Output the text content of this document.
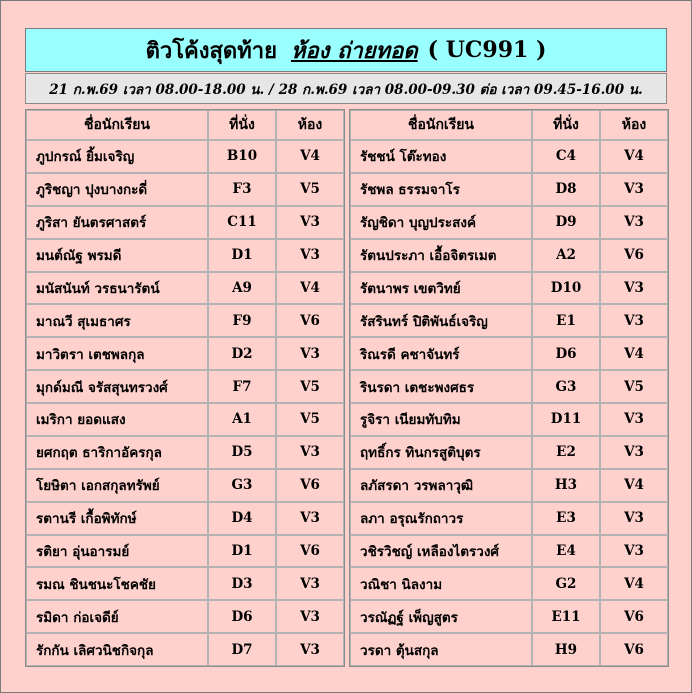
ติวโค้งสุดท้าย ห้อง ถ่ายทอด ( UC991 )
21 ก.พ.69 เวลา 08.00-18.00 น. / 28 ก.พ.69 เวลา 08.00-09.30 ต่อ เวลา 09.45-16.00 น.
ชื่อนักเรียน	ที่นั่ง	ห้อง
ภูปกรณ์ ยิ้มเจริญ	B10	V4
ภูริชญา ปุงบางกะดี่	F3	V5
ภูริสา ยันตรศาสตร์	C11	V3
มนต์ณัฐ พรมดี	D1	V3
มนัสนันท์ วรธนารัตน์	A9	V4
มาณวี สุเมธาศร	F9	V6
มาวิตรา เตชพลกุล	D2	V3
มุกด์มณี จรัสสุนทรวงศ์	F7	V5
เมริกา ยอดแสง	A1	V5
ยศกฤต ธาริกาอัครกุล	D5	V3
โยษิตา เอกสกุลทรัพย์	G3	V6
รตานรี เกื้อพิทักษ์	D4	V3
รติยา อุ่นอารมย์	D1	V6
รมณ ชินชนะโชคชัย	D3	V3
รมิดา ก่อเจดีย์	D6	V3
รักกัน เลิศวนิชกิจกุล	D7	V3
ชื่อนักเรียน	ที่นั่ง	ห้อง
รัชชน์ โต๊ะทอง	C4	V4
รัชพล ธรรมจาโร	D8	V3
รัญชิดา บุญประสงค์	D9	V3
รัตนประภา เอื้อจิตรเมต	A2	V6
รัตนาพร เขตวิทย์	D10	V3
รัสรินทร์ ปิติพันธ์เจริญ	E1	V3
ริณรดี คชาจันทร์	D6	V4
รินรดา เตชะพงศธร	G3	V5
รูจิรา เนียมทับทิม	D11	V3
ฤทธิ์กร ทินกรสูติบุตร	E2	V3
ลภัสรดา วรพลาวุฒิ	H3	V4
ลภา อรุณรักถาวร	E3	V3
วชิรวิชญ์ เหลืองไตรวงศ์	E4	V3
วณิชา นิลงาม	G2	V4
วรณัฏฐ์ เพ็ญสูตร	E11	V6
วรดา ตุ้นสกุล	H9	V6
